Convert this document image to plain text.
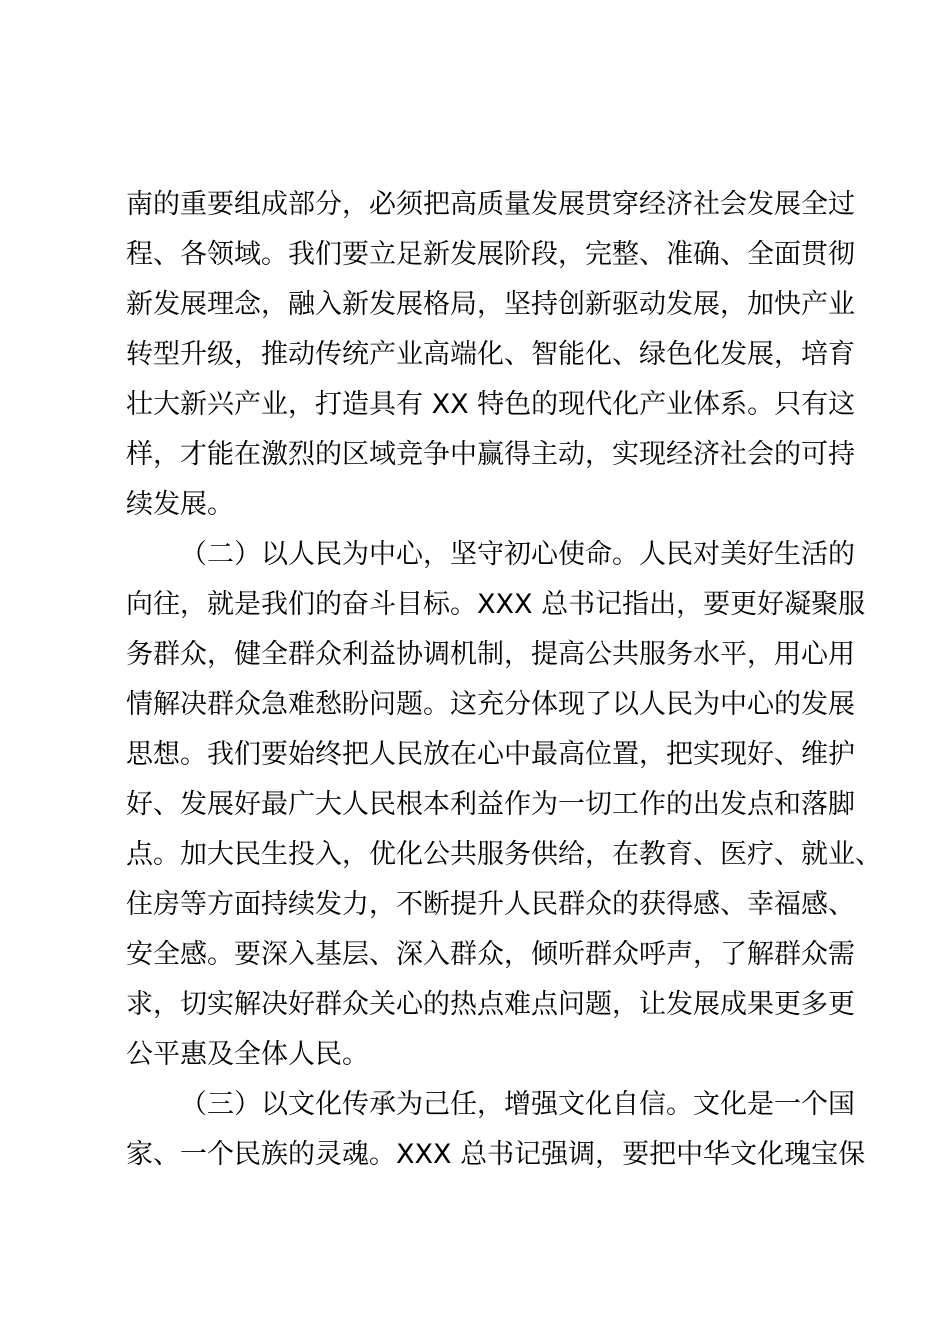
南的重要组成部分，必须把高质量发展贯穿经济社会发展全过
程、各领域。我们要立足新发展阶段，完整、准确、全面贯彻
新发展理念，融入新发展格局，坚持创新驱动发展，加快产业
转型升级，推动传统产业高端化、智能化、绿色化发展，培育
壮大新兴产业，打造具有 XX 特色的现代化产业体系。只有这
样，才能在激烈的区域竞争中赢得主动，实现经济社会的可持
续发展。
（二）以人民为中心，坚守初心使命。人民对美好生活的
向往，就是我们的奋斗目标。XXX 总书记指出，要更好凝聚服
务群众，健全群众利益协调机制，提高公共服务水平，用心用
情解决群众急难愁盼问题。这充分体现了以人民为中心的发展
思想。我们要始终把人民放在心中最高位置，把实现好、维护
好、发展好最广大人民根本利益作为一切工作的出发点和落脚
点。加大民生投入，优化公共服务供给，在教育、医疗、就业、
住房等方面持续发力，不断提升人民群众的获得感、幸福感、
安全感。要深入基层、深入群众，倾听群众呼声，了解群众需
求，切实解决好群众关心的热点难点问题，让发展成果更多更
公平惠及全体人民。
（三）以文化传承为己任，增强文化自信。文化是一个国
家、一个民族的灵魂。XXX 总书记强调，要把中华文化瑰宝保
